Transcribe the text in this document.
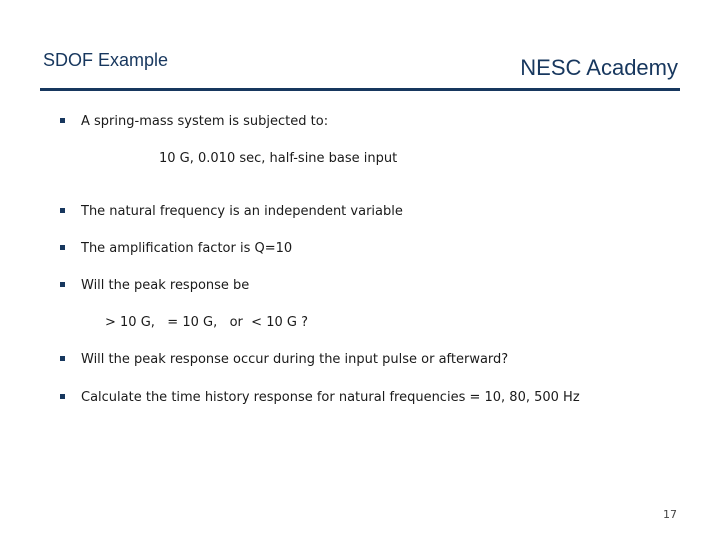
SDOF Example	NESC Academy
A spring-mass system is subjected to:
10 G, 0.010 sec, half-sine base input
The natural frequency is an independent variable
The amplification factor is Q=10
Will the peak response be
> 10 G,   = 10 G,   or  < 10 G ?
Will the peak response occur during the input pulse or afterward?
Calculate the time history response for natural frequencies = 10, 80, 500 Hz
17
